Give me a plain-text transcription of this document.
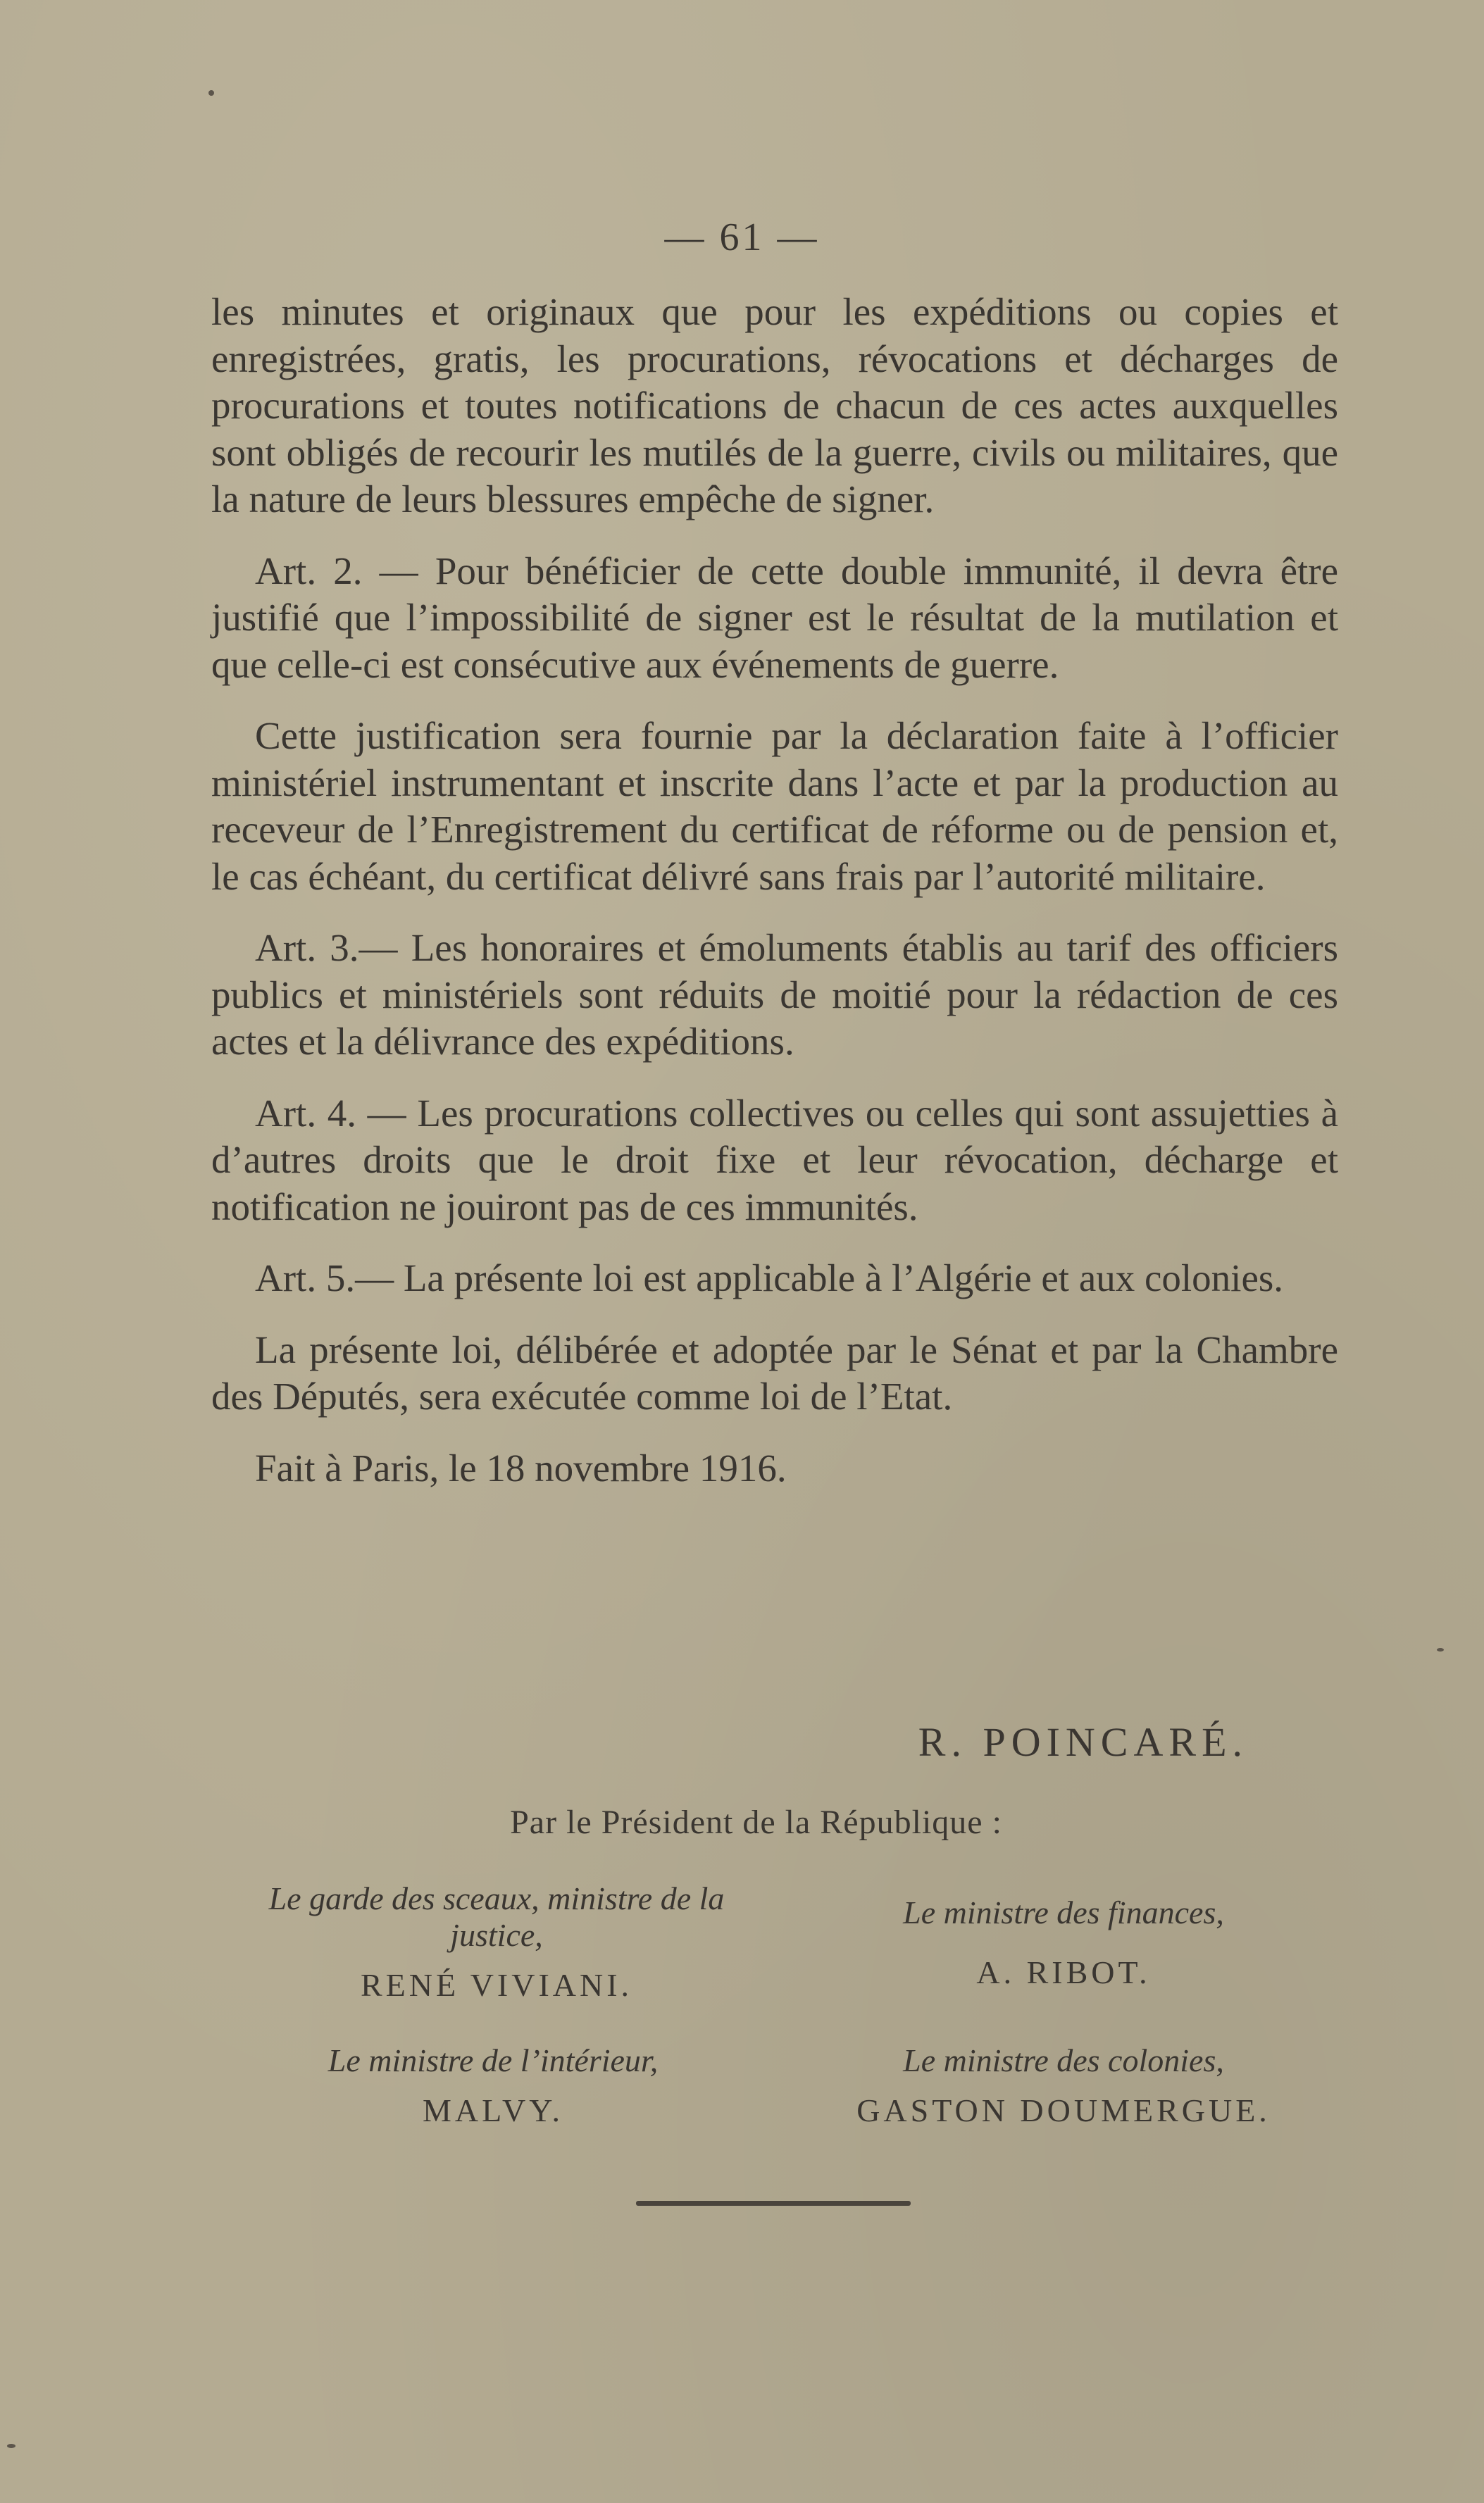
— 61 —

les minutes et originaux que pour les expéditions ou copies et enregistrées, gratis, les procurations, révocations et décharges de procurations et toutes notifications de chacun de ces actes auxquelles sont obligés de recourir les mutilés de la guerre, civils ou militaires, que la nature de leurs blessures empêche de signer.

Art. 2. — Pour bénéficier de cette double immunité, il devra être justifié que l’impossibilité de signer est le résultat de la mutilation et que celle-ci est consécutive aux événements de guerre.

Cette justification sera fournie par la déclaration faite à l’officier ministériel instrumentant et inscrite dans l’acte et par la production au receveur de l’Enregistrement du certificat de réforme ou de pension et, le cas échéant, du certificat délivré sans frais par l’autorité militaire.

Art. 3.— Les honoraires et émoluments établis au tarif des officiers publics et ministériels sont réduits de moitié pour la rédaction de ces actes et la délivrance des expéditions.

Art. 4. — Les procurations collectives ou celles qui sont assujetties à d’autres droits que le droit fixe et leur révocation, décharge et notification ne jouiront pas de ces immunités.

Art. 5.— La présente loi est applicable à l’Algérie et aux colonies.

La présente loi, délibérée et adoptée par le Sénat et par la Chambre des Députés, sera exécutée comme loi de l’Etat.

Fait à Paris, le 18 novembre 1916.

R. POINCARÉ.
Par le Président de la République :
Le garde des sceaux, ministre de la justice,
RENÉ VIVIANI.
Le ministre des finances,
A. RIBOT.
Le ministre de l’intérieur,
MALVY.
Le ministre des colonies,
GASTON DOUMERGUE.
